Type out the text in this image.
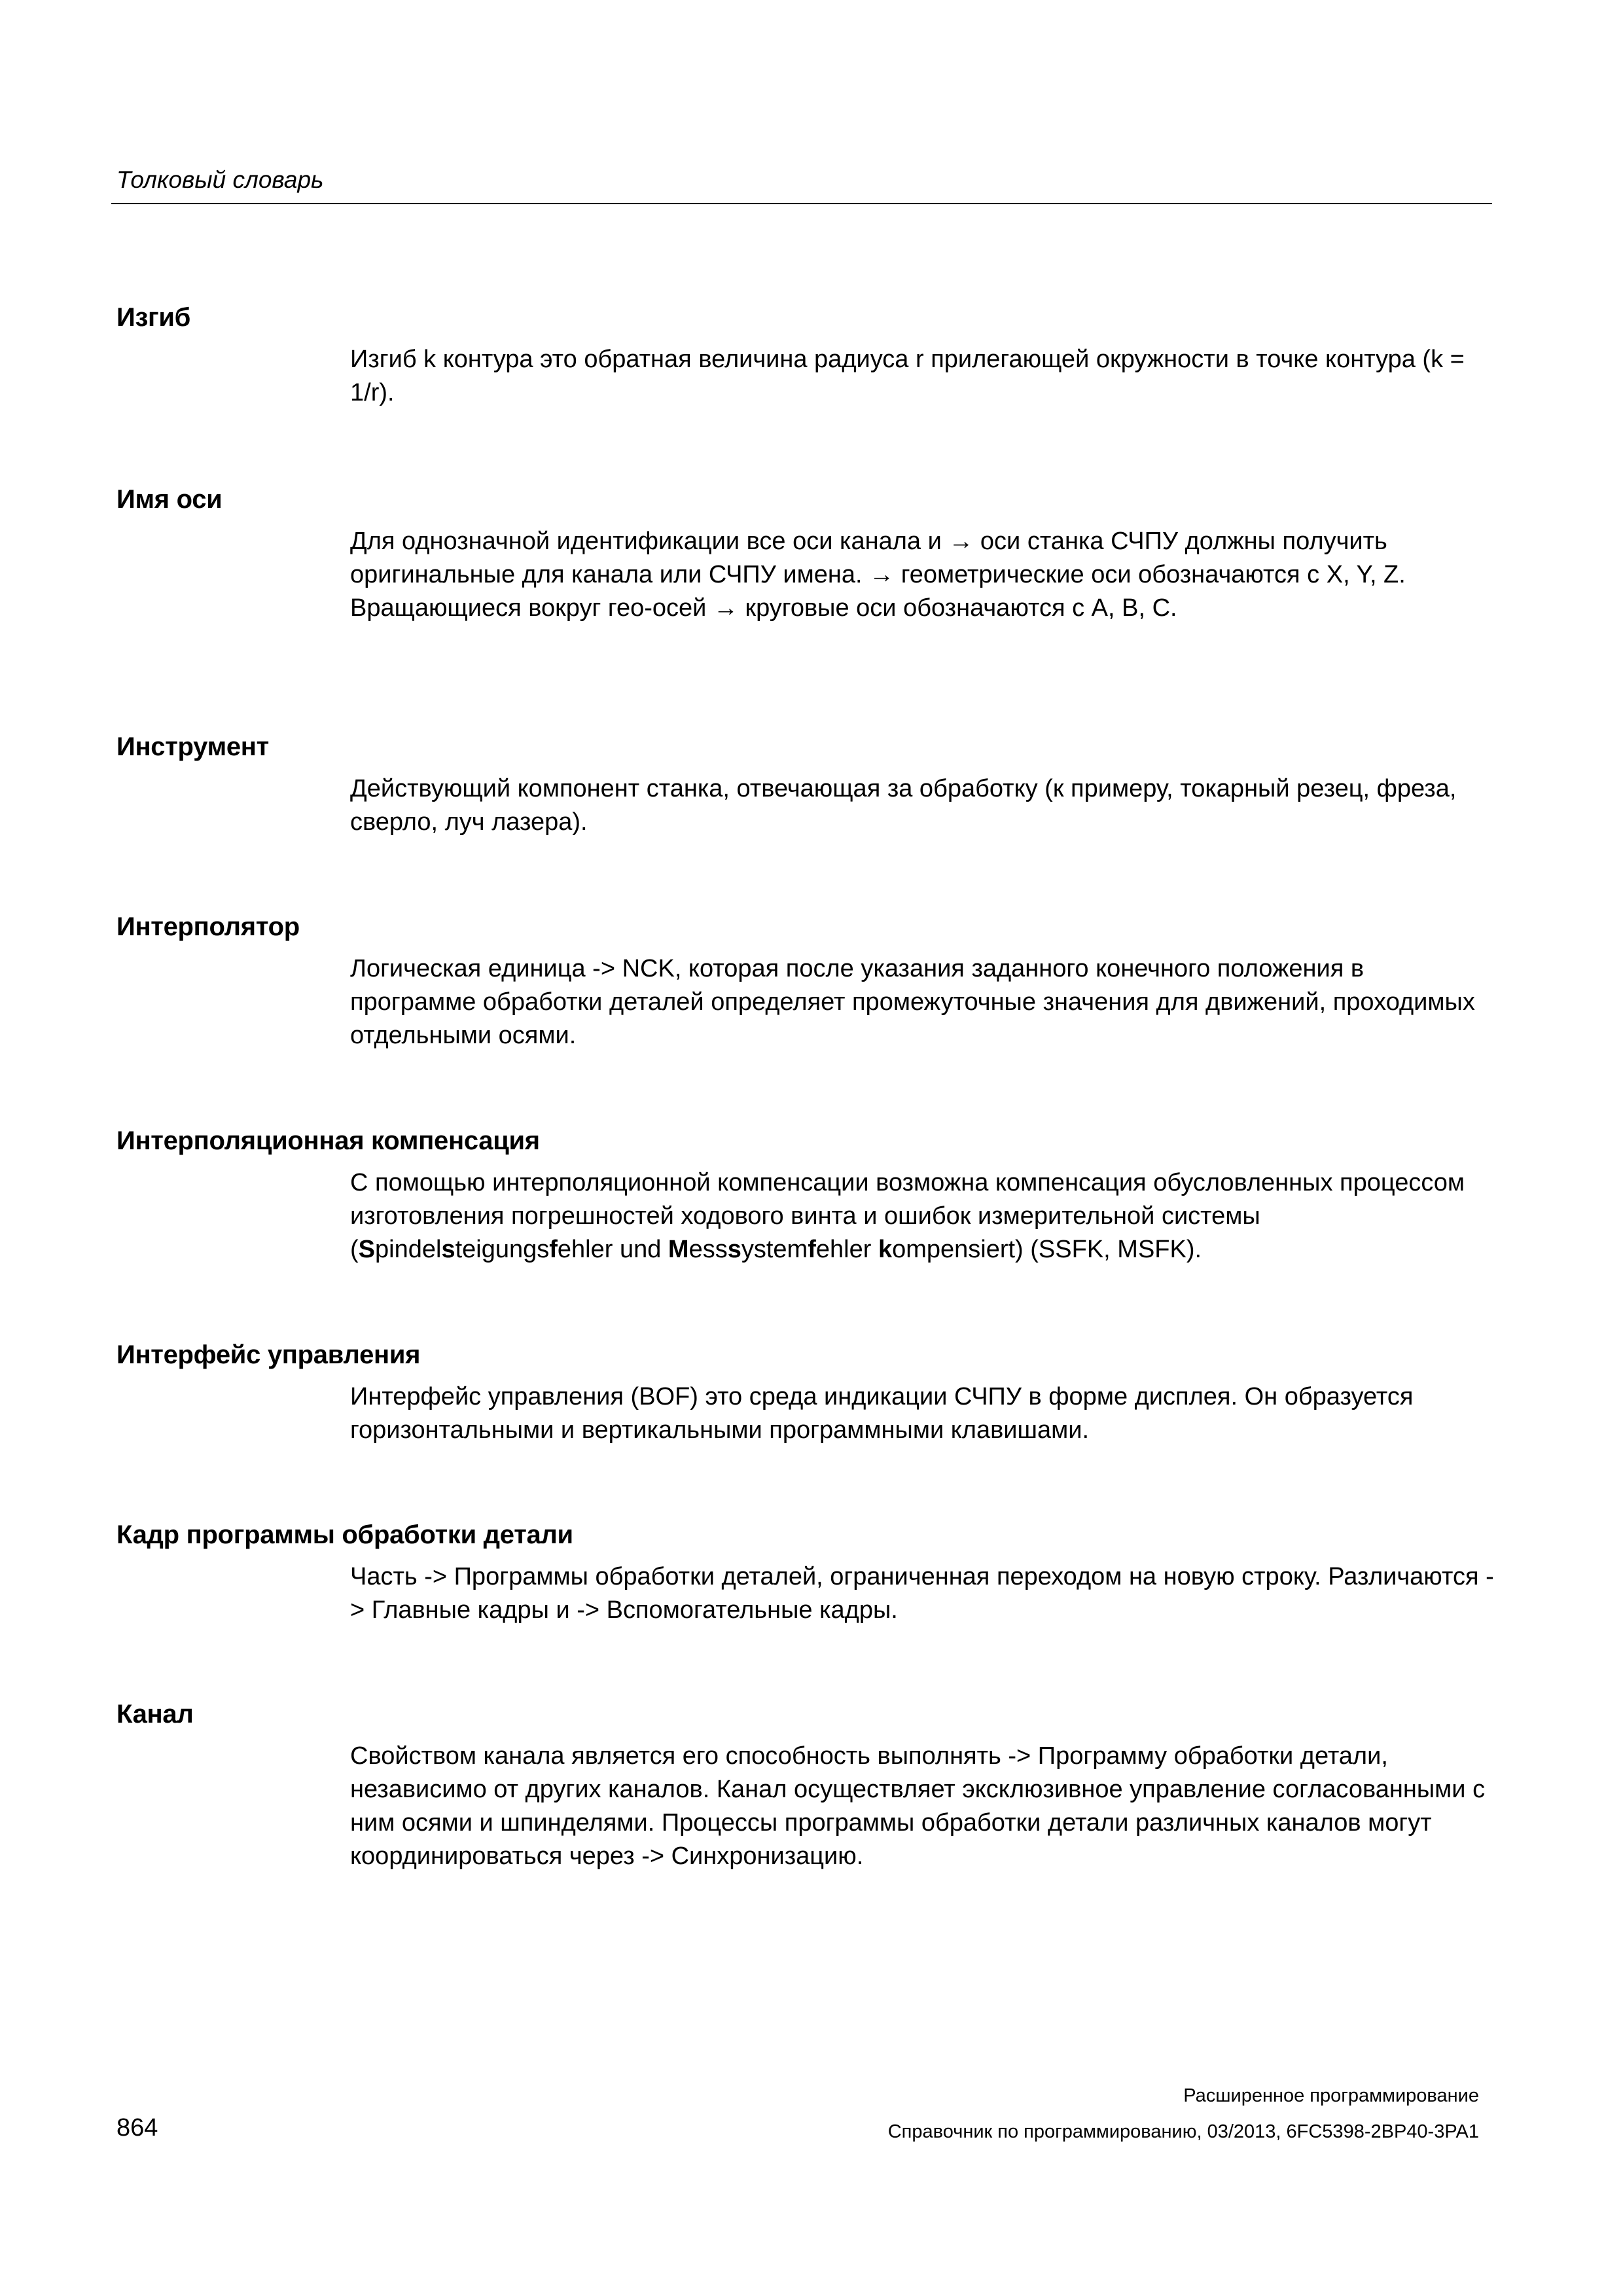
Толковый словарь

Изгиб

Изгиб k контура это обратная величина радиуса r прилегающей окружности в точке контура (k = 1/r).

Имя оси

Для однозначной идентификации все оси канала и → оси станка СЧПУ должны получить оригинальные для канала или СЧПУ имена. → геометрические оси обозначаются с X, Y, Z. Вращающиеся вокруг гео-осей → круговые оси обозначаются с A, B, C.

Инструмент

Действующий компонент станка, отвечающая за обработку (к примеру, токарный резец, фреза, сверло, луч лазера).

Интерполятор

Логическая единица -> NCK, которая после указания заданного конечного положения в программе обработки деталей определяет промежуточные значения для движений, проходимых отдельными осями.

Интерполяционная компенсация

С помощью интерполяционной компенсации возможна компенсация обусловленных процессом изготовления погрешностей ходового винта и ошибок измерительной системы (Spindelsteigungsfehler und Messsystemfehler kompensiert) (SSFK, MSFK).

Интерфейс управления

Интерфейс управления (BOF) это среда индикации СЧПУ в форме дисплея. Он образуется горизонтальными и вертикальными программными клавишами.

Кадр программы обработки детали

Часть -> Программы обработки деталей, ограниченная переходом на новую строку. Различаются -> Главные кадры и -> Вспомогательные кадры.

Канал

Свойством канала является его способность выполнять -> Программу обработки детали, независимо от других каналов. Канал осуществляет эксклюзивное управление согласованными с ним осями и шпинделями. Процессы программы обработки детали различных каналов могут координироваться через -> Синхронизацию.

864
Расширенное программирование
Справочник по программированию, 03/2013, 6FC5398-2BP40-3PA1
